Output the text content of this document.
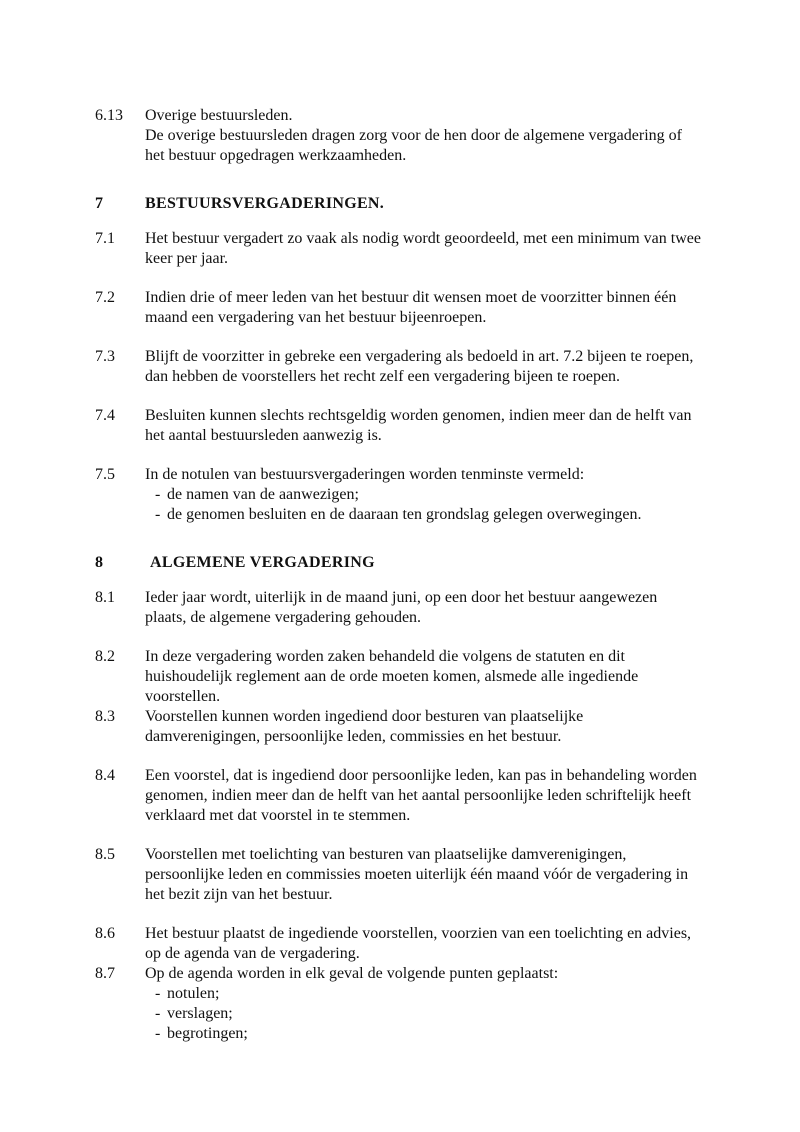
6.13	Overige bestuursleden.
De overige bestuursleden dragen zorg voor de hen door de algemene vergadering of
het bestuur opgedragen werkzaamheden.
7	BESTUURSVERGADERINGEN.
7.1	Het bestuur vergadert zo vaak als nodig wordt geoordeeld, met een minimum van twee
keer per jaar.
7.2	Indien drie of meer leden van het bestuur dit wensen moet de voorzitter binnen één
maand een vergadering van het bestuur bijeenroepen.
7.3	Blijft de voorzitter in gebreke een vergadering als bedoeld in art. 7.2 bijeen te roepen,
dan hebben de voorstellers het recht zelf een vergadering bijeen te roepen.
7.4	Besluiten kunnen slechts rechtsgeldig worden genomen, indien meer dan de helft van
het aantal bestuursleden aanwezig is.
7.5	In de notulen van bestuursvergaderingen worden tenminste vermeld:
- de namen van de aanwezigen;
- de genomen besluiten en de daaraan ten grondslag gelegen overwegingen.
8	ALGEMENE VERGADERING
8.1	Ieder jaar wordt, uiterlijk in de maand juni, op een door het bestuur aangewezen
plaats, de algemene vergadering gehouden.
8.2	In deze vergadering worden zaken behandeld die volgens de statuten en dit
huishoudelijk reglement aan de orde moeten komen, alsmede alle ingediende
voorstellen.
8.3	Voorstellen kunnen worden ingediend door besturen van plaatselijke
damverenigingen, persoonlijke leden, commissies en het bestuur.
8.4	Een voorstel, dat is ingediend door persoonlijke leden, kan pas in behandeling worden
genomen, indien meer dan de helft van het aantal persoonlijke leden schriftelijk heeft
verklaard met dat voorstel in te stemmen.
8.5	Voorstellen met toelichting van besturen van plaatselijke damverenigingen,
persoonlijke leden en commissies moeten uiterlijk één maand vóór de vergadering in
het bezit zijn van het bestuur.
8.6	Het bestuur plaatst de ingediende voorstellen, voorzien van een toelichting en advies,
op de agenda van de vergadering.
8.7	Op de agenda worden in elk geval de volgende punten geplaatst:
- notulen;
- verslagen;
- begrotingen;
